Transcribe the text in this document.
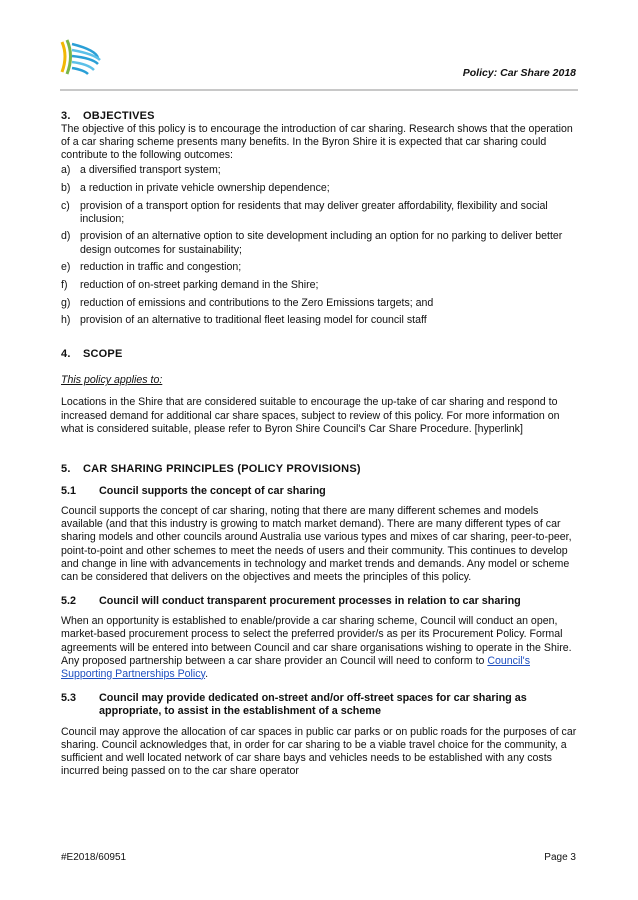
Policy: Car Share 2018
3. OBJECTIVES

The objective of this policy is to encourage the introduction of car sharing. Research shows that the operation of a car sharing scheme presents many benefits. In the Byron Shire it is expected that car sharing could contribute to the following outcomes:

a) a diversified transport system;
b) a reduction in private vehicle ownership dependence;
c) provision of a transport option for residents that may deliver greater affordability, flexibility and social inclusion;
d) provision of an alternative option to site development including an option for no parking to deliver better design outcomes for sustainability;
e) reduction in traffic and congestion;
f) reduction of on-street parking demand in the Shire;
g) reduction of emissions and contributions to the Zero Emissions targets; and
h) provision of an alternative to traditional fleet leasing model for council staff
4. SCOPE

This policy applies to:

Locations in the Shire that are considered suitable to encourage the up-take of car sharing and respond to increased demand for additional car share spaces, subject to review of this policy. For more information on what is considered suitable, please refer to Byron Shire Council's Car Share Procedure. [hyperlink]

5. CAR SHARING PRINCIPLES (POLICY PROVISIONS)
5.1 Council supports the concept of car sharing

Council supports the concept of car sharing, noting that there are many different schemes and models available (and that this industry is growing to match market demand). There are many different types of car sharing models and other councils around Australia use various types and mixes of car sharing, peer-to-peer, point-to-point and other schemes to meet the needs of users and their community. This continues to develop and change in line with advancements in technology and market trends and demands. Any model or scheme can be considered that delivers on the objectives and meets the principles of this policy.

5.2 Council will conduct transparent procurement processes in relation to car sharing

When an opportunity is established to enable/provide a car sharing scheme, Council will conduct an open, market-based procurement process to select the preferred provider/s as per its Procurement Policy. Formal agreements will be entered into between Council and car share organisations wishing to operate in the Shire. Any proposed partnership between a car share provider an Council will need to conform to Council's Supporting Partnerships Policy.

5.3 Council may provide dedicated on-street and/or off-street spaces for car sharing as appropriate, to assist in the establishment of a scheme

Council may approve the allocation of car spaces in public car parks or on public roads for the purposes of car sharing. Council acknowledges that, in order for car sharing to be a viable travel choice for the community, a sufficient and well located network of car share bays and vehicles needs to be established with any costs incurred being passed on to the car share operator

#E2018/60951	Page 3
